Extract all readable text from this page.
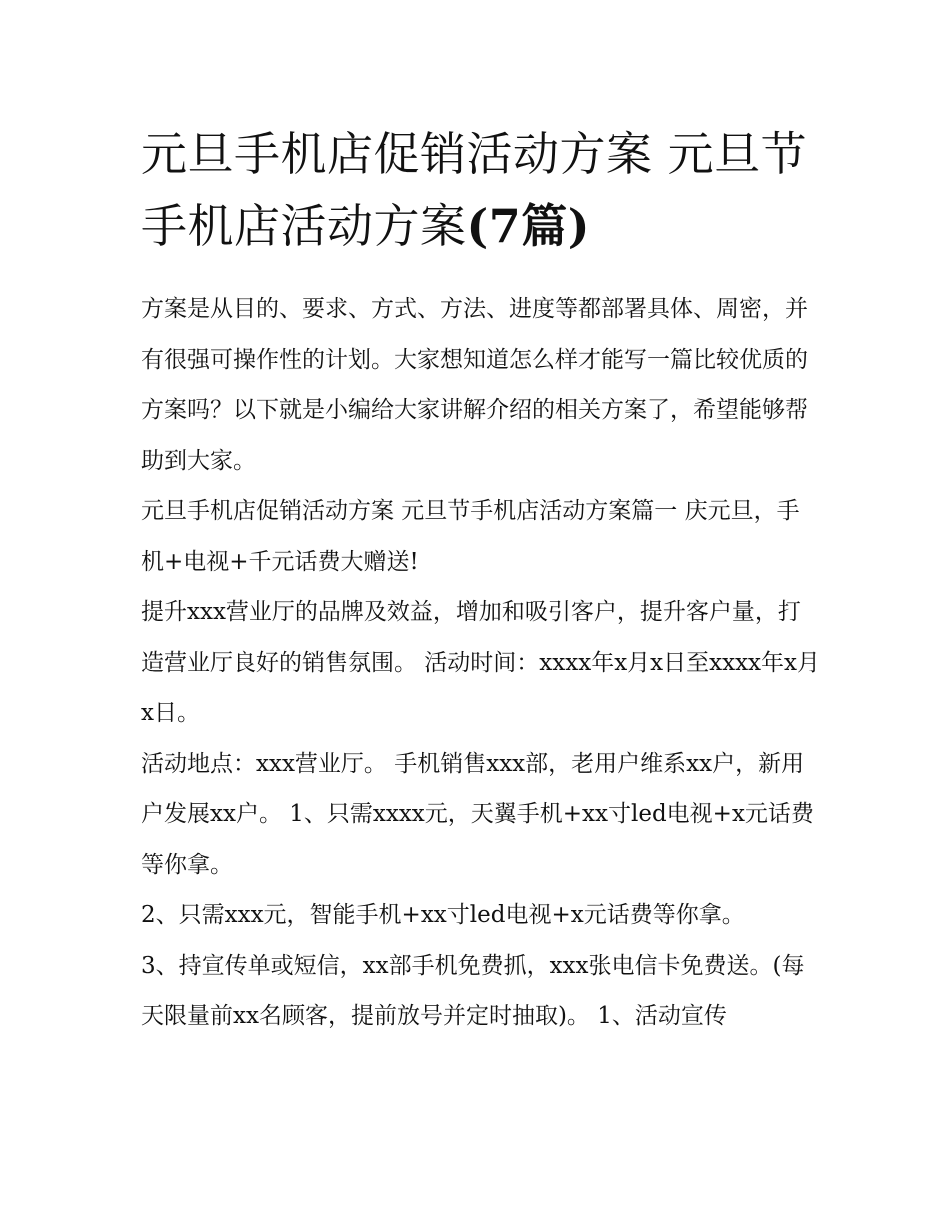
元旦手机店促销活动方案 元旦节手机店活动方案(7篇)

方案是从目的、要求、方式、方法、进度等都部署具体、周密，并有很强可操作性的计划。大家想知道怎么样才能写一篇比较优质的方案吗？以下就是小编给大家讲解介绍的相关方案了，希望能够帮助到大家。

元旦手机店促销活动方案 元旦节手机店活动方案篇一 庆元旦，手机+电视+千元话费大赠送!

提升xxx营业厅的品牌及效益，增加和吸引客户，提升客户量，打造营业厅良好的销售氛围。 活动时间：xxxx年x月x日至xxxx年x月x日。

活动地点：xxx营业厅。 手机销售xxx部，老用户维系xx户，新用户发展xx户。 1、只需xxxx元，天翼手机+xx寸led电视+x元话费等你拿。

2、只需xxx元，智能手机+xx寸led电视+x元话费等你拿。

3、持宣传单或短信，xx部手机免费抓，xxx张电信卡免费送。(每天限量前xx名顾客，提前放号并定时抽取)。 1、活动宣传
